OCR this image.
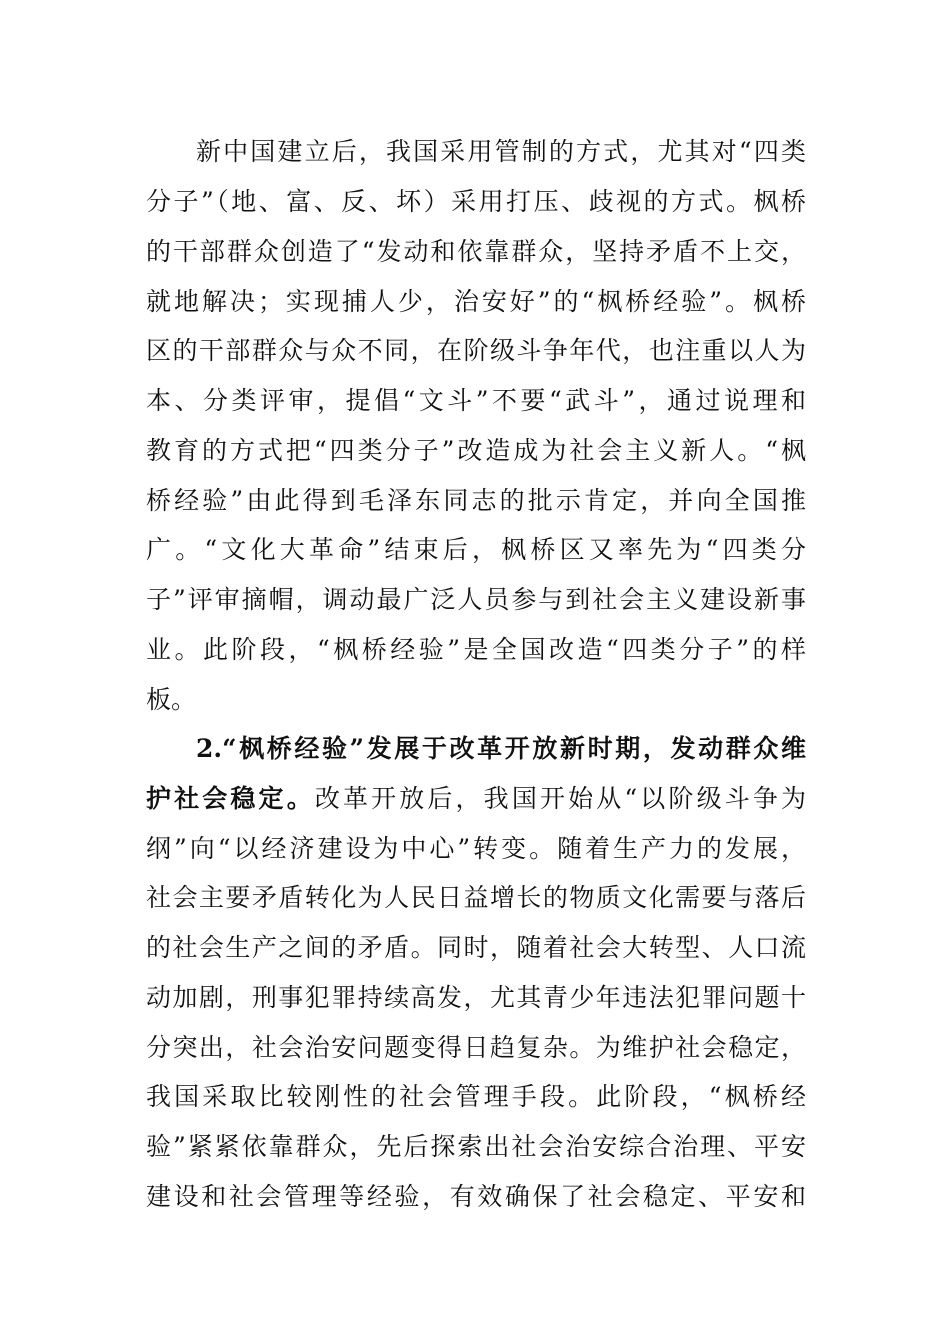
新中国建立后，我国采用管制的方式，尤其对“四类
分子”（地、富、反、坏）采用打压、歧视的方式。枫桥
的干部群众创造了“发动和依靠群众，坚持矛盾不上交，
就地解决；实现捕人少，治安好”的“枫桥经验”。枫桥
区的干部群众与众不同，在阶级斗争年代，也注重以人为
本、分类评审，提倡“文斗”不要“武斗”，通过说理和
教育的方式把“四类分子”改造成为社会主义新人。“枫
桥经验”由此得到毛泽东同志的批示肯定，并向全国推
广。“文化大革命”结束后，枫桥区又率先为“四类分
子”评审摘帽，调动最广泛人员参与到社会主义建设新事
业。此阶段，“枫桥经验”是全国改造“四类分子”的样
板。
2.“枫桥经验”发展于改革开放新时期，发动群众维
护社会稳定。改革开放后，我国开始从“以阶级斗争为
纲”向“以经济建设为中心”转变。随着生产力的发展，
社会主要矛盾转化为人民日益增长的物质文化需要与落后
的社会生产之间的矛盾。同时，随着社会大转型、人口流
动加剧，刑事犯罪持续高发，尤其青少年违法犯罪问题十
分突出，社会治安问题变得日趋复杂。为维护社会稳定，
我国采取比较刚性的社会管理手段。此阶段，“枫桥经
验”紧紧依靠群众，先后探索出社会治安综合治理、平安
建设和社会管理等经验，有效确保了社会稳定、平安和
